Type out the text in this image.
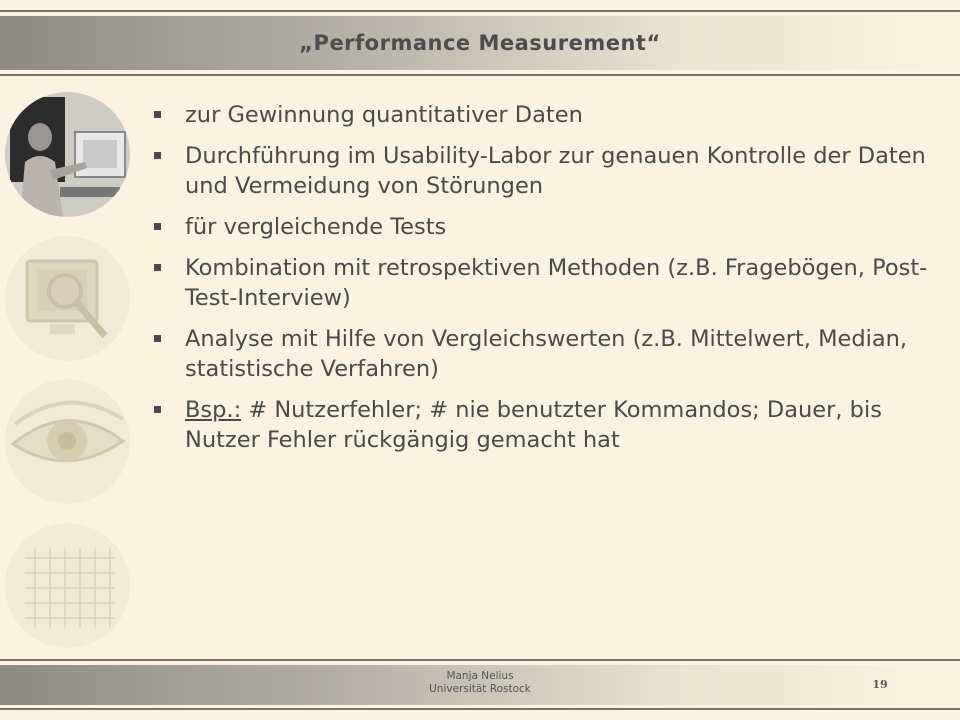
„Performance Measurement“
zur Gewinnung quantitativer Daten
Durchführung im Usability-Labor zur genauen Kontrolle der Daten und Vermeidung von Störungen
für vergleichende Tests
Kombination mit retrospektiven Methoden (z.B. Fragebögen, Post-Test-Interview)
Analyse mit Hilfe von Vergleichswerten (z.B. Mittelwert, Median, statistische Verfahren)
Bsp.: # Nutzerfehler; # nie benutzter Kommandos; Dauer, bis Nutzer Fehler rückgängig gemacht hat
Manja Nelius
Universität Rostock	19
